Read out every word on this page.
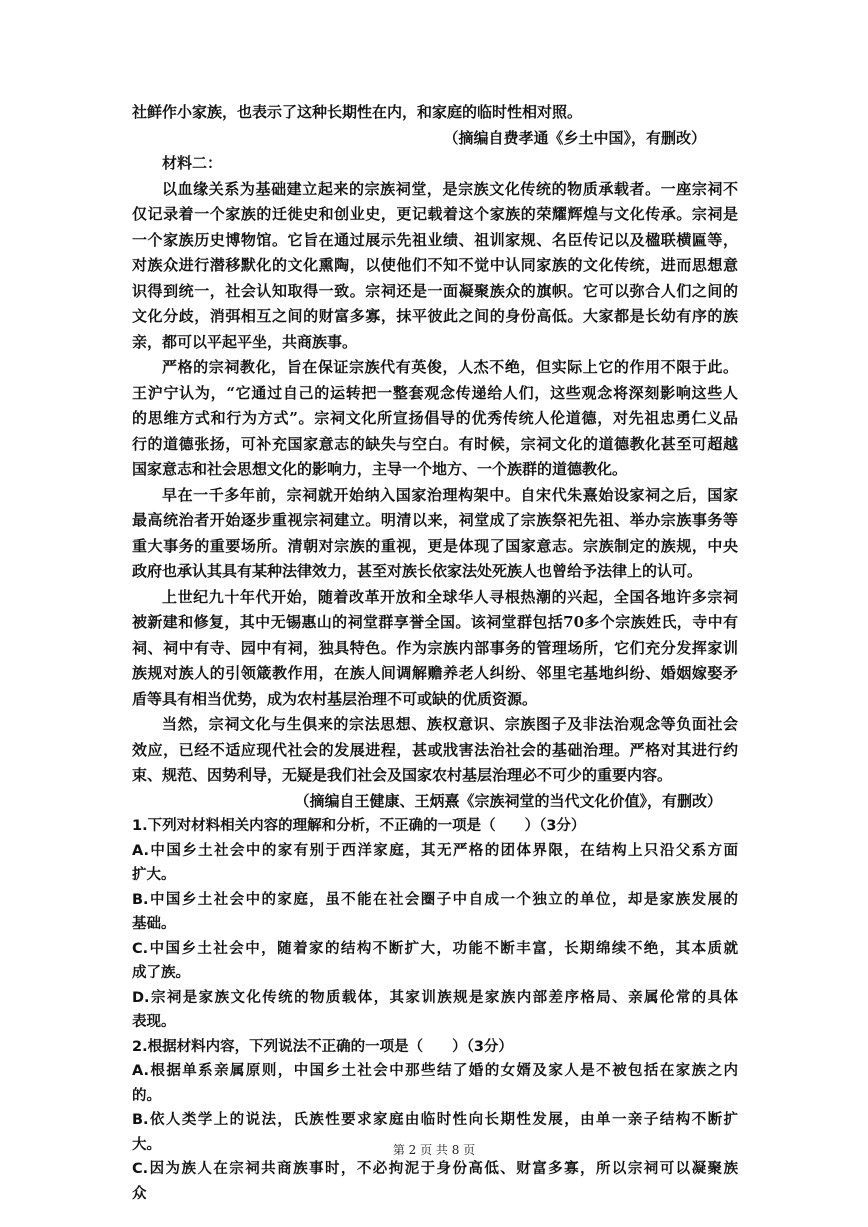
社鲜作小家族，也表示了这种长期性在内，和家庭的临时性相对照。
（摘编自费孝通《乡土中国》，有删改）
材料二：
以血缘关系为基础建立起来的宗族祠堂，是宗族文化传统的物质承载者。一座宗祠不
仅记录着一个家族的迁徙史和创业史，更记载着这个家族的荣耀辉煌与文化传承。宗祠是
一个家族历史博物馆。它旨在通过展示先祖业绩、祖训家规、名臣传记以及楹联横匾等，
对族众进行潜移默化的文化熏陶，以使他们不知不觉中认同家族的文化传统，进而思想意
识得到统一，社会认知取得一致。宗祠还是一面凝聚族众的旗帜。它可以弥合人们之间的
文化分歧，消弭相互之间的财富多寡，抹平彼此之间的身份高低。大家都是长幼有序的族
亲，都可以平起平坐，共商族事。
严格的宗祠教化，旨在保证宗族代有英俊，人杰不绝，但实际上它的作用不限于此。
王沪宁认为，“它通过自己的运转把一整套观念传递给人们，这些观念将深刻影响这些人
的思维方式和行为方式”。宗祠文化所宣扬倡导的优秀传统人伦道德，对先祖忠勇仁义品
行的道德张扬，可补充国家意志的缺失与空白。有时候，宗祠文化的道德教化甚至可超越
国家意志和社会思想文化的影响力，主导一个地方、一个族群的道德教化。
早在一千多年前，宗祠就开始纳入国家治理构架中。自宋代朱熹始设家祠之后，国家
最高统治者开始逐步重视宗祠建立。明清以来，祠堂成了宗族祭祀先祖、举办宗族事务等
重大事务的重要场所。清朝对宗族的重视，更是体现了国家意志。宗族制定的族规，中央
政府也承认其具有某种法律效力，甚至对族长依家法处死族人也曾给予法律上的认可。
上世纪九十年代开始，随着改革开放和全球华人寻根热潮的兴起，全国各地许多宗祠
被新建和修复，其中无锡惠山的祠堂群享誉全国。该祠堂群包括70多个宗族姓氏，寺中有
祠、祠中有寺、园中有祠，独具特色。作为宗族内部事务的管理场所，它们充分发挥家训
族规对族人的引领箴教作用，在族人间调解赡养老人纠纷、邻里宅基地纠纷、婚姻嫁娶矛
盾等具有相当优势，成为农村基层治理不可或缺的优质资源。
当然，宗祠文化与生俱来的宗法思想、族权意识、宗族图子及非法治观念等负面社会
效应，已经不适应现代社会的发展进程，甚或戕害法治社会的基础治理。严格对其进行约
束、规范、因势利导，无疑是我们社会及国家农村基层治理必不可少的重要内容。
（摘编自王健康、王炳熹《宗族祠堂的当代文化价值》，有删改）
1.下列对材料相关内容的理解和分析，不正确的一项是（　　）（3分）
A.中国乡土社会中的家有别于西洋家庭，其无严格的团体界限，在结构上只沿父系方面
扩大。
B.中国乡土社会中的家庭，虽不能在社会圈子中自成一个独立的单位，却是家族发展的
基础。
C.中国乡土社会中，随着家的结构不断扩大，功能不断丰富，长期绵续不绝，其本质就
成了族。
D.宗祠是家族文化传统的物质载体，其家训族规是家族内部差序格局、亲属伦常的具体
表现。
2.根据材料内容，下列说法不正确的一项是（　　）（3分）
A.根据单系亲属原则，中国乡土社会中那些结了婚的女婿及家人是不被包括在家族之内
的。
B.依人类学上的说法，氏族性要求家庭由临时性向长期性发展，由单一亲子结构不断扩
大。
C.因为族人在宗祠共商族事时，不必拘泥于身份高低、财富多寡，所以宗祠可以凝聚族
众
第 2 页 共 8 页
